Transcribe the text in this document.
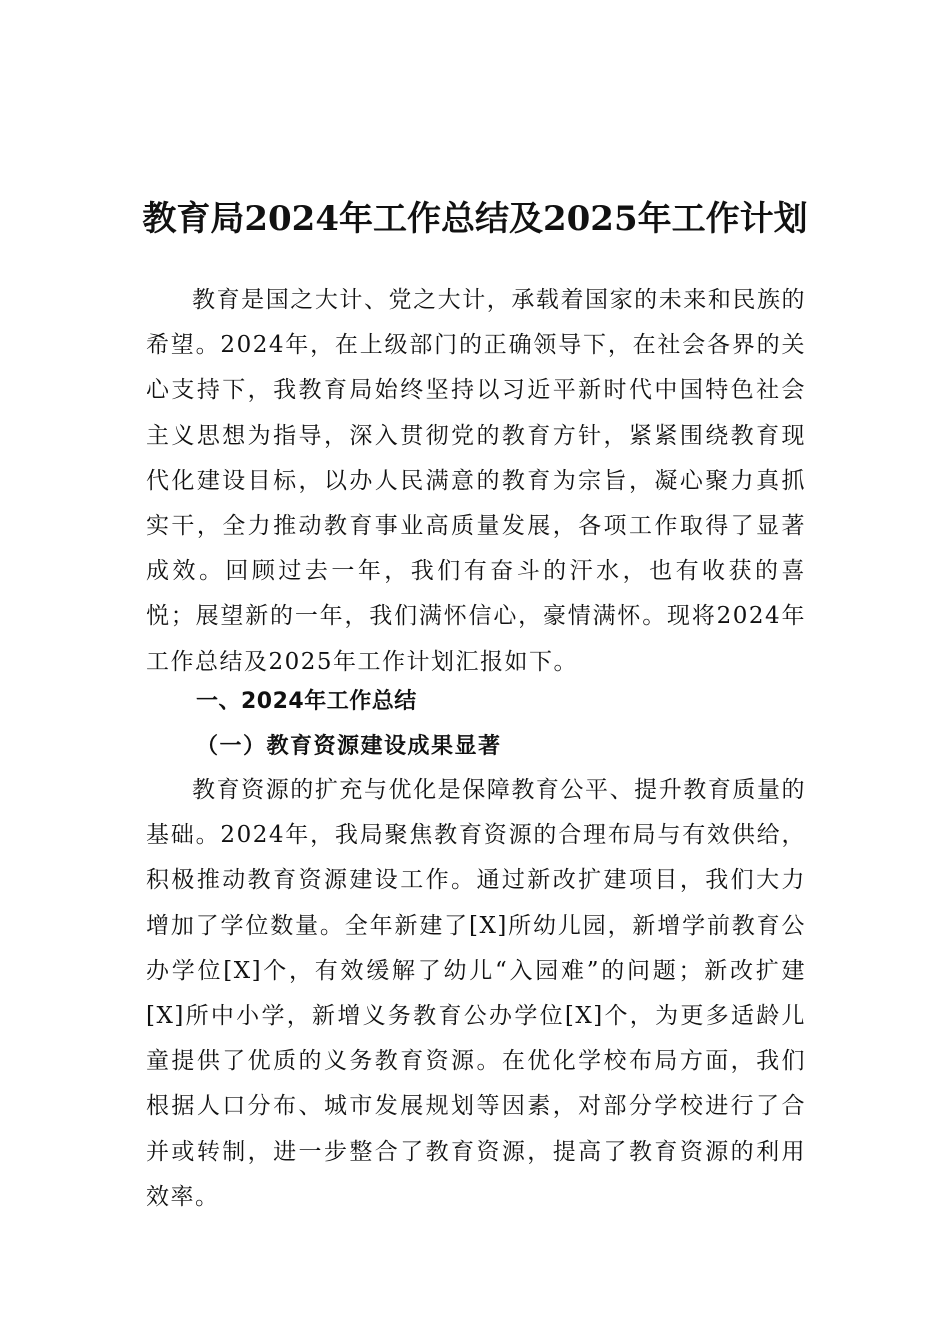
教育局2024年工作总结及2025年工作计划

教育是国之大计、党之大计，承载着国家的未来和民族的希望。2024年，在上级部门的正确领导下，在社会各界的关心支持下，我教育局始终坚持以习近平新时代中国特色社会主义思想为指导，深入贯彻党的教育方针，紧紧围绕教育现代化建设目标，以办人民满意的教育为宗旨，凝心聚力真抓实干，全力推动教育事业高质量发展，各项工作取得了显著成效。回顾过去一年，我们有奋斗的汗水，也有收获的喜悦；展望新的一年，我们满怀信心，豪情满怀。现将2024年工作总结及2025年工作计划汇报如下。

一、2024年工作总结
（一）教育资源建设成果显著

教育资源的扩充与优化是保障教育公平、提升教育质量的基础。2024年，我局聚焦教育资源的合理布局与有效供给，积极推动教育资源建设工作。通过新改扩建项目，我们大力增加了学位数量。全年新建了[X]所幼儿园，新增学前教育公办学位[X]个，有效缓解了幼儿“入园难”的问题；新改扩建[X]所中小学，新增义务教育公办学位[X]个，为更多适龄儿童提供了优质的义务教育资源。在优化学校布局方面，我们根据人口分布、城市发展规划等因素，对部分学校进行了合并或转制，进一步整合了教育资源，提高了教育资源的利用效率。
